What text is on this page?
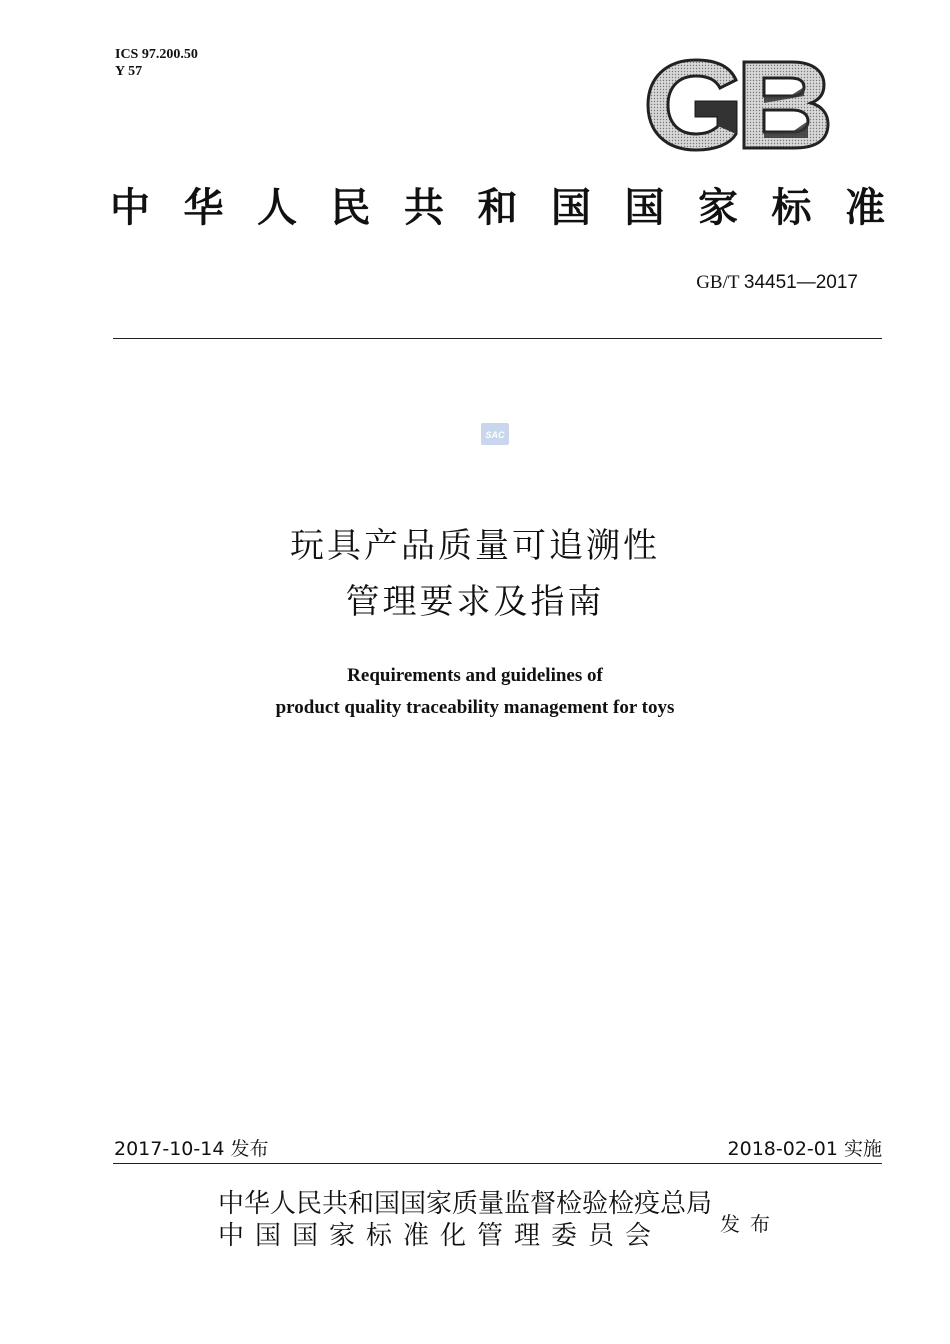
ICS 97.200.50
Y 57
中 华 人 民 共 和 国 国 家 标 准
GB/T 34451—2017
SAC
玩具产品质量可追溯性
管理要求及指南
Requirements and guidelines of
product quality traceability management for toys
2017-10-14 发布	2018-02-01 实施
中华人民共和国国家质量监督检验检疫总局
中国国家标准化管理委员会	发布
